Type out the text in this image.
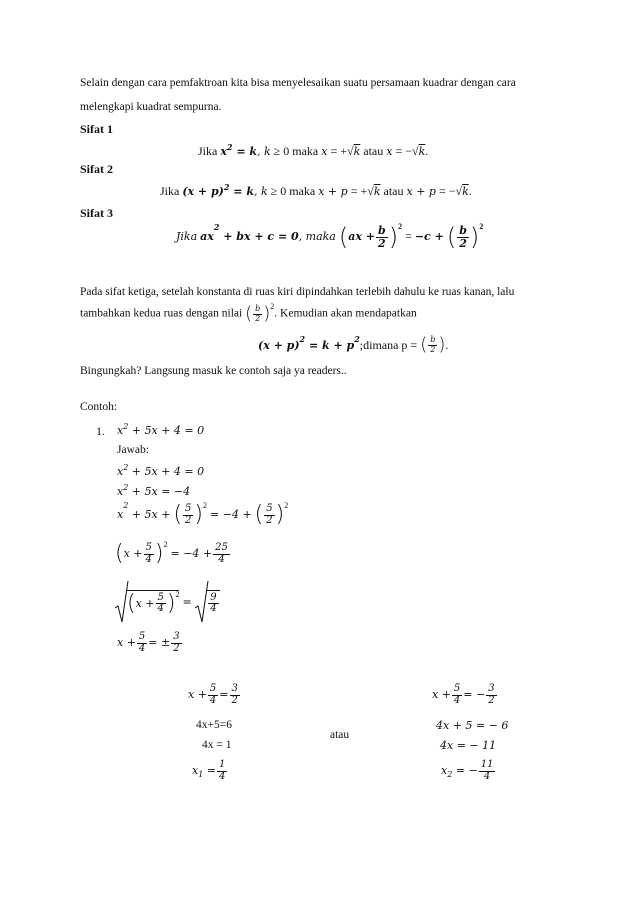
Selain dengan cara pemfaktroan kita bisa menyelesaikan suatu persamaan kuadrar dengan cara
melengkapi kuadrat sempurna.
Sifat 1
Jika $x^2 = k$, k ≥ 0 maka x = +√k atau x = −√k.
Sifat 2
Jika $(x + p)^2 = k$, k ≥ 0 maka x + p = +√k atau x + p = −√k.
Sifat 3
Jika $ax^2$ + bx + c = 0, maka $(ax + \frac{b}{2} )^2 = -c$ + ( $\frac{b}{2} )^2$
Pada sifat ketiga, setelah konstanta di ruas kiri dipindahkan terlebih dahulu ke ruas kanan, lalu
tambahkan kedua ruas dengan nilai ( $\frac{b}{2} )^2$. Kemudian akan mendapatkan
$(x + p)^2 = k$ + $p^2;dimana$ p = ( $\frac{b}{2}$ ).
Bingungkah? Langsung masuk ke contoh saja ya readers..
Contoh:
1. $x^2 + 5x + 4 = 0$
Jawab:
$x^2 + 5x + 4 = 0$
$x^2 + 5x = -4$
$x^2 + 5x$ + ( $\frac{5}{2} )^2 = -4$ + ( $\frac{5}{2} )^2$
$(x + \frac{5}{4} )^2 = -4 + \frac{25}{4}$
$(x + \frac{5}{4} )^2 = \frac{9}{4}$
$x + \frac{5}{4}$ = ± $\frac{3}{2}$
$x + \frac{5}{4} = \frac{3}{2}$
4x+5=6
4x = 1
$x_1 = \frac{1}{4}$
atau
$x + \frac{5}{4}$ = − $\frac{3}{2}$
4x + 5 = − 6
4x = − 11
$x_2$ = − $\frac{11}{4}$
